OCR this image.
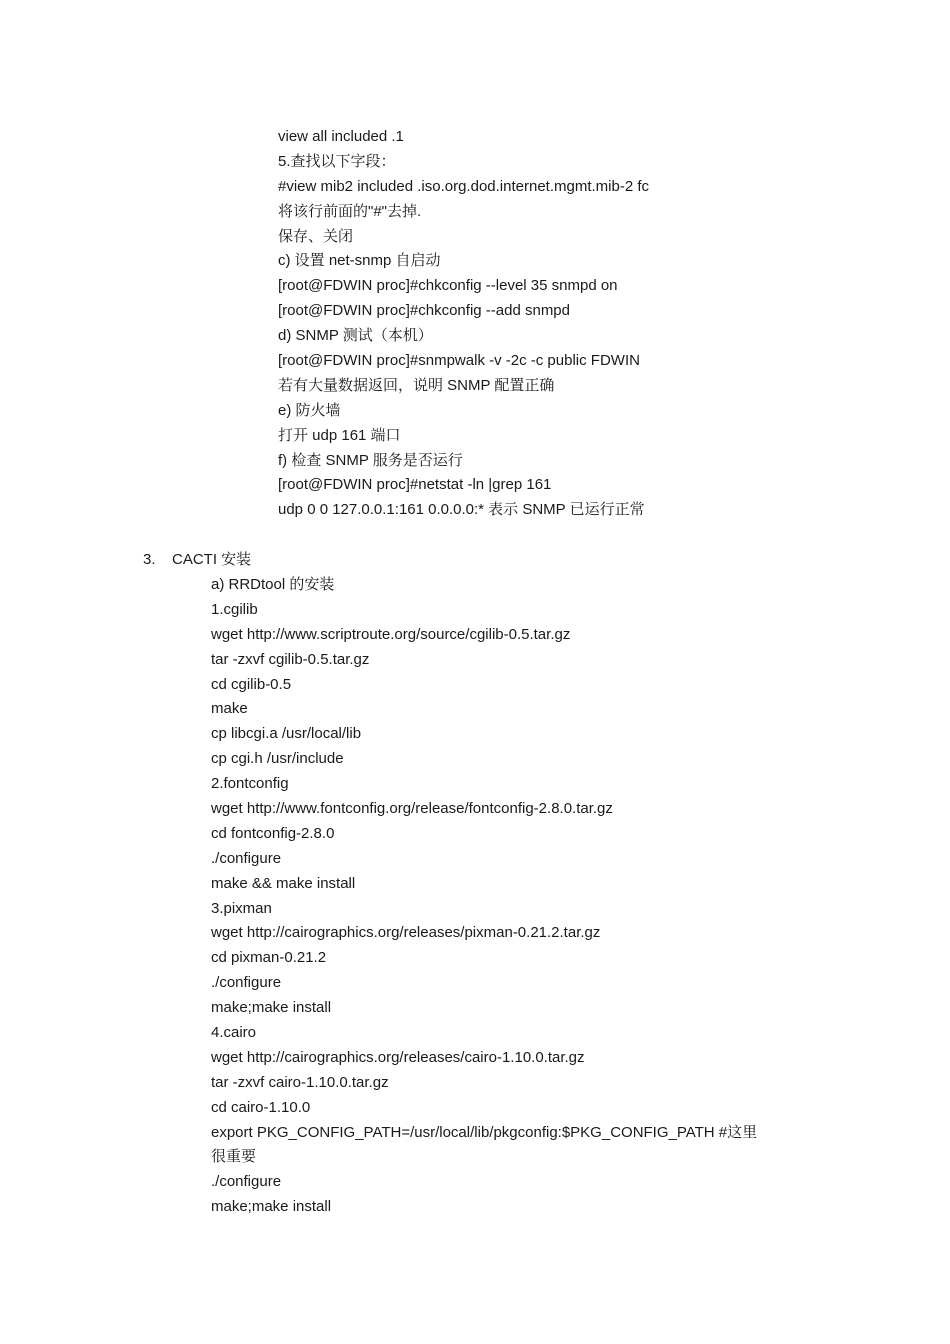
view all included .1
5.查找以下字段：
#view mib2 included .iso.org.dod.internet.mgmt.mib-2 fc
将该行前面的"#"去掉.
保存、关闭
c) 设置 net-snmp 自启动
[root@FDWIN proc]#chkconfig --level 35 snmpd on
[root@FDWIN proc]#chkconfig --add snmpd
d) SNMP 测试（本机）
[root@FDWIN proc]#snmpwalk -v -2c -c public FDWIN
若有大量数据返回，说明 SNMP 配置正确
e) 防火墙
打开 udp 161 端口
f) 检查 SNMP 服务是否运行
[root@FDWIN proc]#netstat -ln |grep 161
udp 0 0 127.0.0.1:161 0.0.0.0:* 表示 SNMP 已运行正常
3. CACTI 安装
a) RRDtool 的安装
1.cgilib
wget http://www.scriptroute.org/source/cgilib-0.5.tar.gz
tar -zxvf cgilib-0.5.tar.gz
cd cgilib-0.5
make
cp libcgi.a /usr/local/lib
cp cgi.h /usr/include
2.fontconfig
wget http://www.fontconfig.org/release/fontconfig-2.8.0.tar.gz
cd fontconfig-2.8.0
./configure
make && make install
3.pixman
wget http://cairographics.org/releases/pixman-0.21.2.tar.gz
cd pixman-0.21.2
./configure
make;make install
4.cairo
wget http://cairographics.org/releases/cairo-1.10.0.tar.gz
tar -zxvf cairo-1.10.0.tar.gz
cd cairo-1.10.0
export PKG_CONFIG_PATH=/usr/local/lib/pkgconfig:$PKG_CONFIG_PATH #这里
很重要
./configure
make;make install
